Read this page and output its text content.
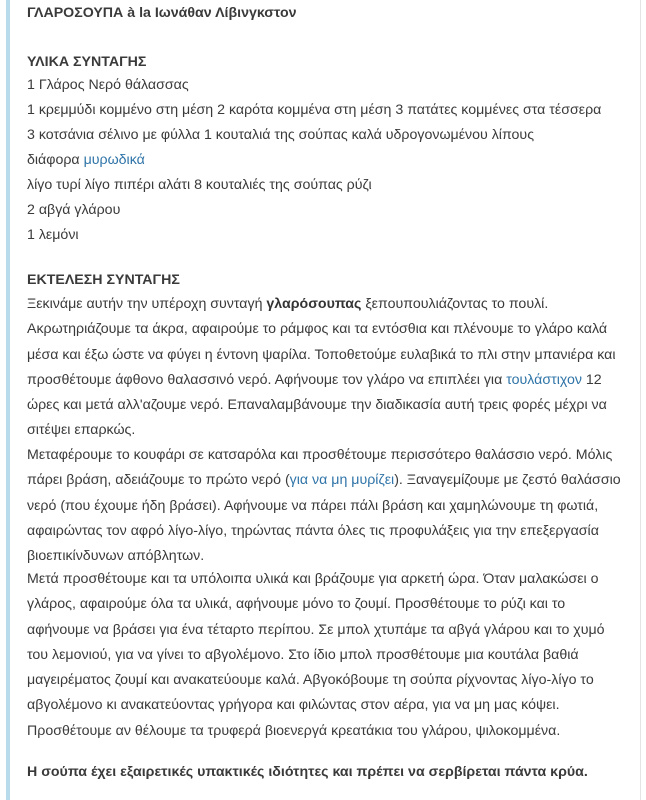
ΓΛΑΡΟΣΟΥΠΑ à la Ιωνάθαν Λίβινγκστον
ΥΛΙΚΑ ΣΥΝΤΑΓΗΣ
1 Γλάρος Νερό θάλασσας
1 κρεμμύδι κομμένο στη μέση 2 καρότα κομμένα στη μέση 3 πατάτες κομμένες στα τέσσερα
3 κοτσάνια σέλινο με φύλλα 1 κουταλιά της σούπας καλά υδρογονωμένου λίπους
διάφορα μυρωδικά
λίγο τυρί λίγο πιπέρι αλάτι 8 κουταλιές της σούπας ρύζι
2 αβγά γλάρου
1 λεμόνι
ΕΚΤΕΛΕΣΗ ΣΥΝΤΑΓΗΣ
Ξεκινάμε αυτήν την υπέροχη συνταγή γλαρόσουπας ξεπουπουλιάζοντας το πουλί. Ακρωτηριάζουμε τα άκρα, αφαιρούμε το ράμφος και τα εντόσθια και πλένουμε το γλάρο καλά μέσα και έξω ώστε να φύγει η έντονη ψαρίλα. Τοποθετούμε ευλαβικά το πλι στην μπανιέρα και προσθέτουμε άφθονο θαλασσινό νερό. Αφήνουμε τον γλάρο να επιπλέει για τουλάστιχον 12 ώρες και μετά αλλ'αζουμε νερό. Επαναλαμβάνουμε την διαδικασία αυτή τρεις φορές μέχρι να σιτέψει επαρκώς.
Μεταφέρουμε το κουφάρι σε κατσαρόλα και προσθέτουμε περισσότερο θαλάσσιο νερό. Μόλις πάρει βράση, αδειάζουμε το πρώτο νερό (για να μη μυρίζει). Ξαναγεμίζουμε με ζεστό θαλάσσιο νερό (που έχουμε ήδη βράσει). Αφήνουμε να πάρει πάλι βράση και χαμηλώνουμε τη φωτιά, αφαιρώντας τον αφρό λίγο-λίγο, τηρώντας πάντα όλες τις προφυλάξεις για την επεξεργασία βιοεπικίνδυνων απόβλητων.
Μετά προσθέτουμε και τα υπόλοιπα υλικά και βράζουμε για αρκετή ώρα. Όταν μαλακώσει ο γλάρος, αφαιρούμε όλα τα υλικά, αφήνουμε μόνο το ζουμί. Προσθέτουμε το ρύζι και το αφήνουμε να βράσει για ένα τέταρτο περίπου. Σε μπολ χτυπάμε τα αβγά γλάρου και το χυμό του λεμονιού, για να γίνει το αβγολέμονο. Στο ίδιο μπολ προσθέτουμε μια κουτάλα βαθιά μαγειρέματος ζουμί και ανακατεύουμε καλά. Αβγοκόβουμε τη σούπα ρίχνοντας λίγο-λίγο το αβγολέμονο κι ανακατεύοντας γρήγορα και φιλώντας στον αέρα, για να μη μας κόψει. Προσθέτουμε αν θέλουμε τα τρυφερά βιοενεργά κρεατάκια του γλάρου, ψιλοκομμένα.
Η σούπα έχει εξαιρετικές υπακτικές ιδιότητες και πρέπει να σερβίρεται πάντα κρύα.
